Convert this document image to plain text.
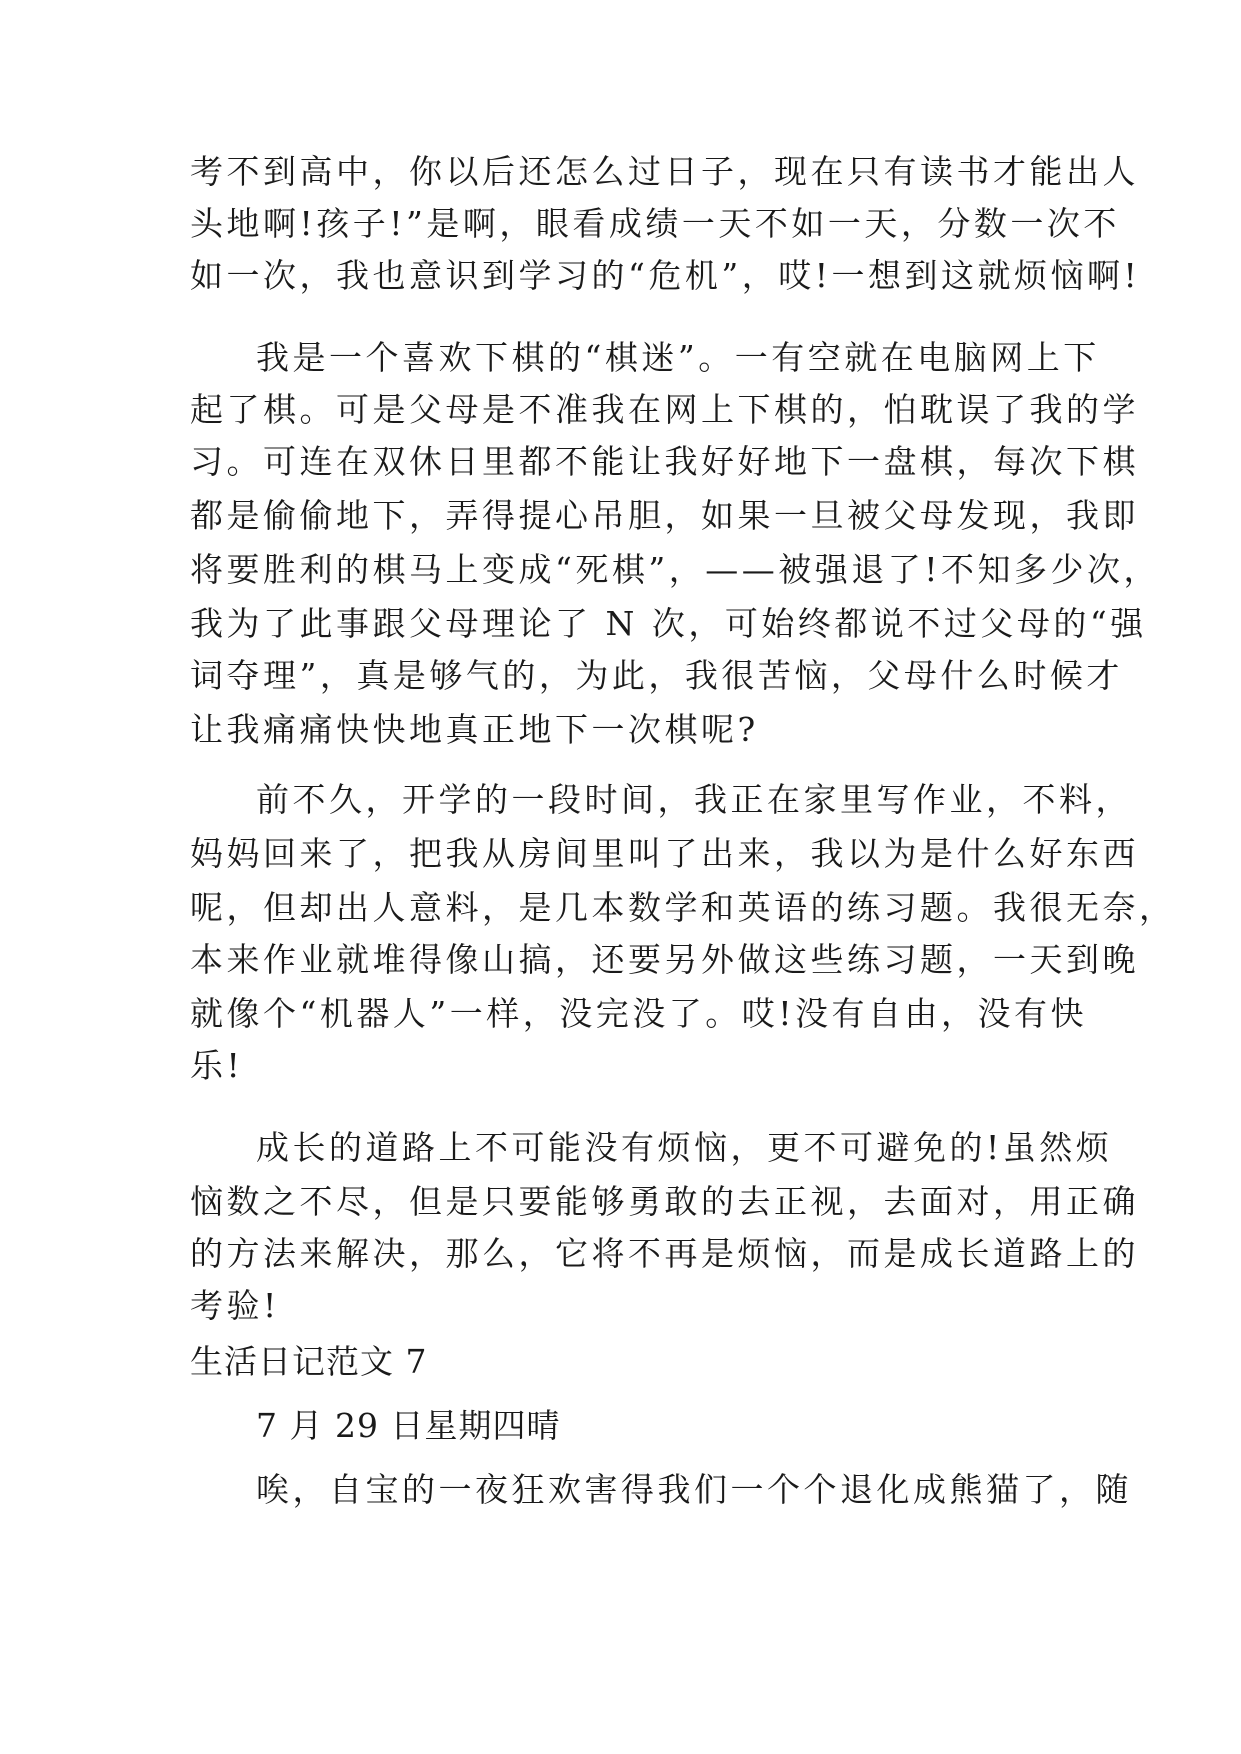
考不到高中，你以后还怎么过日子，现在只有读书才能出人
头地啊!孩子!”是啊，眼看成绩一天不如一天，分数一次不
如一次，我也意识到学习的“危机”，哎!一想到这就烦恼啊!
我是一个喜欢下棋的“棋迷”。一有空就在电脑网上下
起了棋。可是父母是不准我在网上下棋的，怕耽误了我的学
习。可连在双休日里都不能让我好好地下一盘棋，每次下棋
都是偷偷地下，弄得提心吊胆，如果一旦被父母发现，我即
将要胜利的棋马上变成“死棋”，——被强退了!不知多少次，
我为了此事跟父母理论了 N 次，可始终都说不过父母的“强
词夺理”，真是够气的，为此，我很苦恼，父母什么时候才
让我痛痛快快地真正地下一次棋呢?
前不久，开学的一段时间，我正在家里写作业，不料，
妈妈回来了，把我从房间里叫了出来，我以为是什么好东西
呢，但却出人意料，是几本数学和英语的练习题。我很无奈，
本来作业就堆得像山搞，还要另外做这些练习题，一天到晚
就像个“机器人”一样，没完没了。哎!没有自由，没有快
乐!
成长的道路上不可能没有烦恼，更不可避免的!虽然烦
恼数之不尽，但是只要能够勇敢的去正视，去面对，用正确
的方法来解决，那么，它将不再是烦恼，而是成长道路上的
考验!
生活日记范文 7
7 月 29 日星期四晴
唉，自宝的一夜狂欢害得我们一个个退化成熊猫了，随
